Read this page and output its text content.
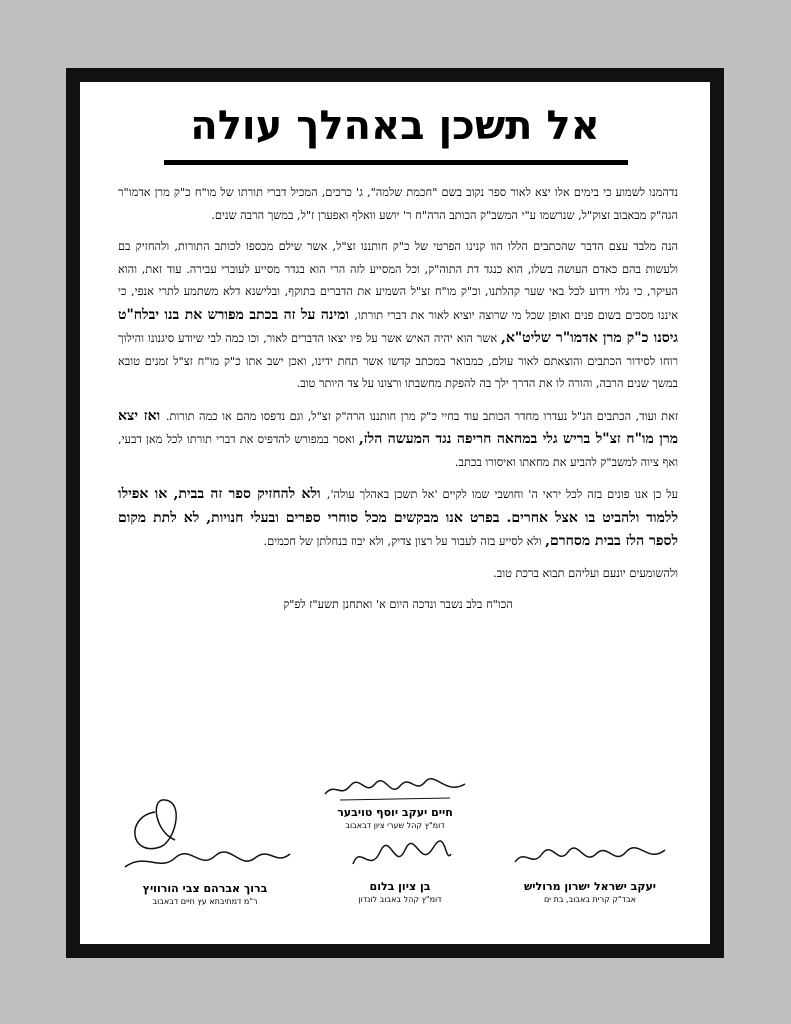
אל תשכן באהלך עולה

נדהמנו לשמוע כי בימים אלו יצא לאור ספר נקוב בשם "חכמת שלמה", ג' כרכים, המכיל דברי תורתו של מו"ח כ"ק מרן אדמו"ר הגה"ק מבאבוב זצוק"ל, שנרשמו ע"י המשב"ק הכותב הרה"ח ר' יושע וואלף ואפערן ז"ל, במשך הרבה שנים.

הנה מלבד עצם הדבר שהכתבים הללו הוו קנינו הפרטי של כ"ק חותננו זצ"ל, אשר שילם מכספו לכותב התורות, ולהחזיק בם ולעשות בהם כאדם העושה בשלו, הוא כנגד דת התוה"ק, וכל המסייע לזה הרי הוא בגדר מסייע לעוברי עבירה. עוד זאת, והוא העיקר, כי גלוי וידוע לכל באי שער קהלתנו, וכ"ק מו"ח זצ"ל השמיע את הדברים בתוקף, ובלישנא דלא משתמע לתרי אנפי, כי איננו מסכים בשום פנים ואופן שכל מי שרוצה יוציא לאור את דברי תורתו, ומינה על זה בכתב מפורש את בנו יבלח"ט גיסנו כ"ק מרן אדמו"ר שליט"א, אשר הוא יהיה האיש אשר על פיו יצאו הדברים לאור, וכו כמה לבי שיודע סיגנונו והילוך רוחו לסידור הכתבים והוצאתם לאור עולם, כמבואר במכתב קדשו אשר תחת ידינו, ואכן ישב אתו כ"ק מו"ח זצ"ל זמנים טובא במשך שנים הרבה, והורה לו את הדרך ילך בה להפקת מחשבתו ורצונו על צד היותר טוב.

זאת ועוד, הכתבים הנ"ל נעדרו מחדר הכותב עוד בחיי כ"ק מרן חותננו הרה"ק זצ"ל, וגם נדפסו מהם או כמה תורות. ואז יצא מרן מו"ח זצ"ל בריש גלי במחאה חריפה נגד המעשה הלז, ואסר במפורש להדפיס את דברי תורתו לכל מאן דבעי, ואף ציוה למשב"ק להביע את מחאתו ואיסורו בכתב.

על כן אנו פונים בזה לכל יראי ה' וחושבי שמו לקיים 'אל תשכן באהלך עולה', ולא להחזיק ספר זה בבית, או אפילו ללמוד ולהביט בו אצל אחרים. בפרט אנו מבקשים מכל סוחרי ספרים ובעלי חנויות, לא לתת מקום לספר הלז בבית מסחרם, ולא לסייע בזה לעבור על רצון צדיק, ולא יבוז בנחלתן של חכמים.

ולהשומעים יונעם ועליהם תבוא ברכת טוב.

הכו"ח בלב נשבר ונדכה היום א' ואתחנן תשע"ז לפ"ק

חיים יעקב יוסף טויבער
דומ"ץ קהל שערי ציון דבאבוב
ברוך אברהם צבי הורוויץ
ר"מ דמתיבתא עץ חיים דבאבוב
בן ציון בלום
דומ"ץ קהל באבוב לונדון
יעקב ישראל ישרון מרוליש
אבד"ק קרית באבוב, בת ים
